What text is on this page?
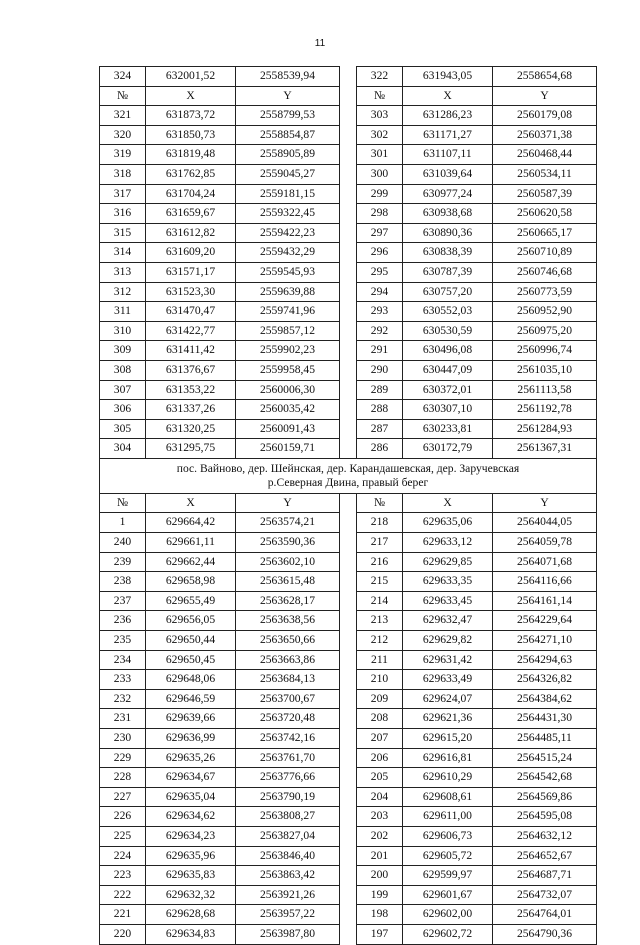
11
324	632001,52	2558539,94		322	631943,05	2558654,68
№	X	Y		№	X	Y
321	631873,72	2558799,53		303	631286,23	2560179,08
320	631850,73	2558854,87		302	631171,27	2560371,38
319	631819,48	2558905,89		301	631107,11	2560468,44
318	631762,85	2559045,27		300	631039,64	2560534,11
317	631704,24	2559181,15		299	630977,24	2560587,39
316	631659,67	2559322,45		298	630938,68	2560620,58
315	631612,82	2559422,23		297	630890,36	2560665,17
314	631609,20	2559432,29		296	630838,39	2560710,89
313	631571,17	2559545,93		295	630787,39	2560746,68
312	631523,30	2559639,88		294	630757,20	2560773,59
311	631470,47	2559741,96		293	630552,03	2560952,90
310	631422,77	2559857,12		292	630530,59	2560975,20
309	631411,42	2559902,23		291	630496,08	2560996,74
308	631376,67	2559958,45		290	630447,09	2561035,10
307	631353,22	2560006,30		289	630372,01	2561113,58
306	631337,26	2560035,42		288	630307,10	2561192,78
305	631320,25	2560091,43		287	630233,81	2561284,93
304	631295,75	2560159,71		286	630172,79	2561367,31

пос. Вайново, дер. Шейнская, дер. Карандашевская, дер. Заручевская
р.Северная Двина, правый берег						

№	X	Y		№	X	Y
1	629664,42	2563574,21		218	629635,06	2564044,05
240	629661,11	2563590,36		217	629633,12	2564059,78
239	629662,44	2563602,10		216	629629,85	2564071,68
238	629658,98	2563615,48		215	629633,35	2564116,66
237	629655,49	2563628,17		214	629633,45	2564161,14
236	629656,05	2563638,56		213	629632,47	2564229,64
235	629650,44	2563650,66		212	629629,82	2564271,10
234	629650,45	2563663,86		211	629631,42	2564294,63
233	629648,06	2563684,13		210	629633,49	2564326,82
232	629646,59	2563700,67		209	629624,07	2564384,62
231	629639,66	2563720,48		208	629621,36	2564431,30
230	629636,99	2563742,16		207	629615,20	2564485,11
229	629635,26	2563761,70		206	629616,81	2564515,24
228	629634,67	2563776,66		205	629610,29	2564542,68
227	629635,04	2563790,19		204	629608,61	2564569,86
226	629634,62	2563808,27		203	629611,00	2564595,08
225	629634,23	2563827,04		202	629606,73	2564632,12
224	629635,96	2563846,40		201	629605,72	2564652,67
223	629635,83	2563863,42		200	629599,97	2564687,71
222	629632,32	2563921,26		199	629601,67	2564732,07
221	629628,68	2563957,22		198	629602,00	2564764,01
220	629634,83	2563987,80		197	629602,72	2564790,36
